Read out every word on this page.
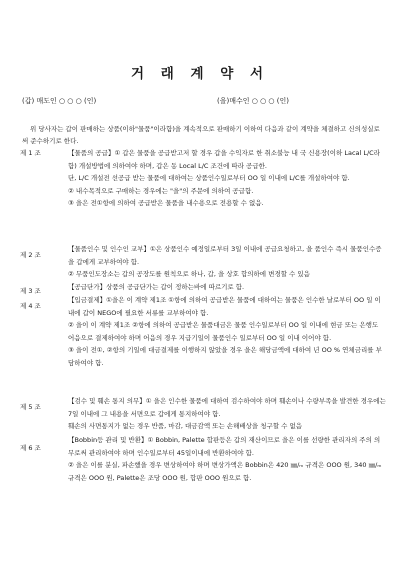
거 래 계 약 서
(갑) 매도인 ○ ○ ○ (인)	(을)매수인 ○ ○ ○ (인)

위 당사자는 갑이 판매하는 상품(이하"물품"이라함)을 계속적으로 판매하기 이하여 다음과 같이 계약을 체결하고 신의성실로써 준수하기로 한다.

제 1 조	【물품의 공급】① 갑은 물품을 공급받고저 할 경우 갑을 수익자로 한 취소불능 내 국 신용장(이하 Lacal L/C라 함) 개설방법에 의하여야 하며, 갑은 동 Local L/C 조건에 따라 공급한.

단, L/C 개설전 선공급 받는 물품에 대하여는 상품인수일로부터 OO 일 이내에 L/C를 개설하여야 함.

② 내수목적으로 구매하는 경우에는 "을"의 주문에 의하여 공급함.

③ 을은 전①항에 의하여 공급받은 물품을 내수용으로 전용할 수 없음.

제 2 조

【물품인수 및 인수인 교부】①은 상품인수 예정일로부터 3일 이내에 공급요청하고, 을 품인수 즉시 물품인수증을 갑에게 교부하여야 함.

② 무품인도장소는 갑의 공장도를 원칙으로 하나, 갑, 을 상호 합의하에 변경할 수 있음

제 3 조	【공급단가】상품의 공급단가는 갑이 정하는바에 따르기로 함.

제 4 조

【입금결제】①을은 이 계약 제1조 ①항에 의하여 공급받은 물품에 대하여는 물품은 인수한 날로부터 OO 일 이내에 갑이 NEGO에 필요한 서류를 교부하여야 함.

② 을이 이 계약 제1조 ②항에 의하여 공급받은 물품대금은 물품 인수일로부터 OO 일 이내에 현금 또는 은행도 어음으로 결제하여야 하며 어음의 경우 지급기일이 물품인수 일로부터 OO 일 이내 이어야 함.

③ 을이 전①, ②항의 기일에 대금결제를 이행하지 않았을 경우 을은 해당금액에 대하여 년 OO % 연체금리를 부담하여야 함.

제 5 조

【검수 및 훼손 통지 의무】① 을은 인수한 물품에 대하여 검수하여야 하며 훼손이나 수량부족을 발견한 경우에는 7일 이내에 그 내용을 서면으로 갑에게 통지하여야 함.

훼손의 사면통지가 없는 경우 반품, 마감, 대금감액 또는 손해배상을 청구할 수 없음

제 6 조

【Bobbin등 관리 및 반환】① Bobbin, Palette 합판등은 갑의 재산이므로 을은 이를 선량한 관리자의 주의 의무로써 관리하여야 하며 인수일로부터 45일이내에 반환하여야 함.

② 을은 이를 분실, 파손했을 경우 변상하여야 하며 변상가액은 Bobbin은 420 ㎜/ₘ 규격은 OOO 원, 340 ㎜/ₘ 규격은 OOO 원, Palette은 조당 OOO 원, 합판 OOO 원으로 함.
